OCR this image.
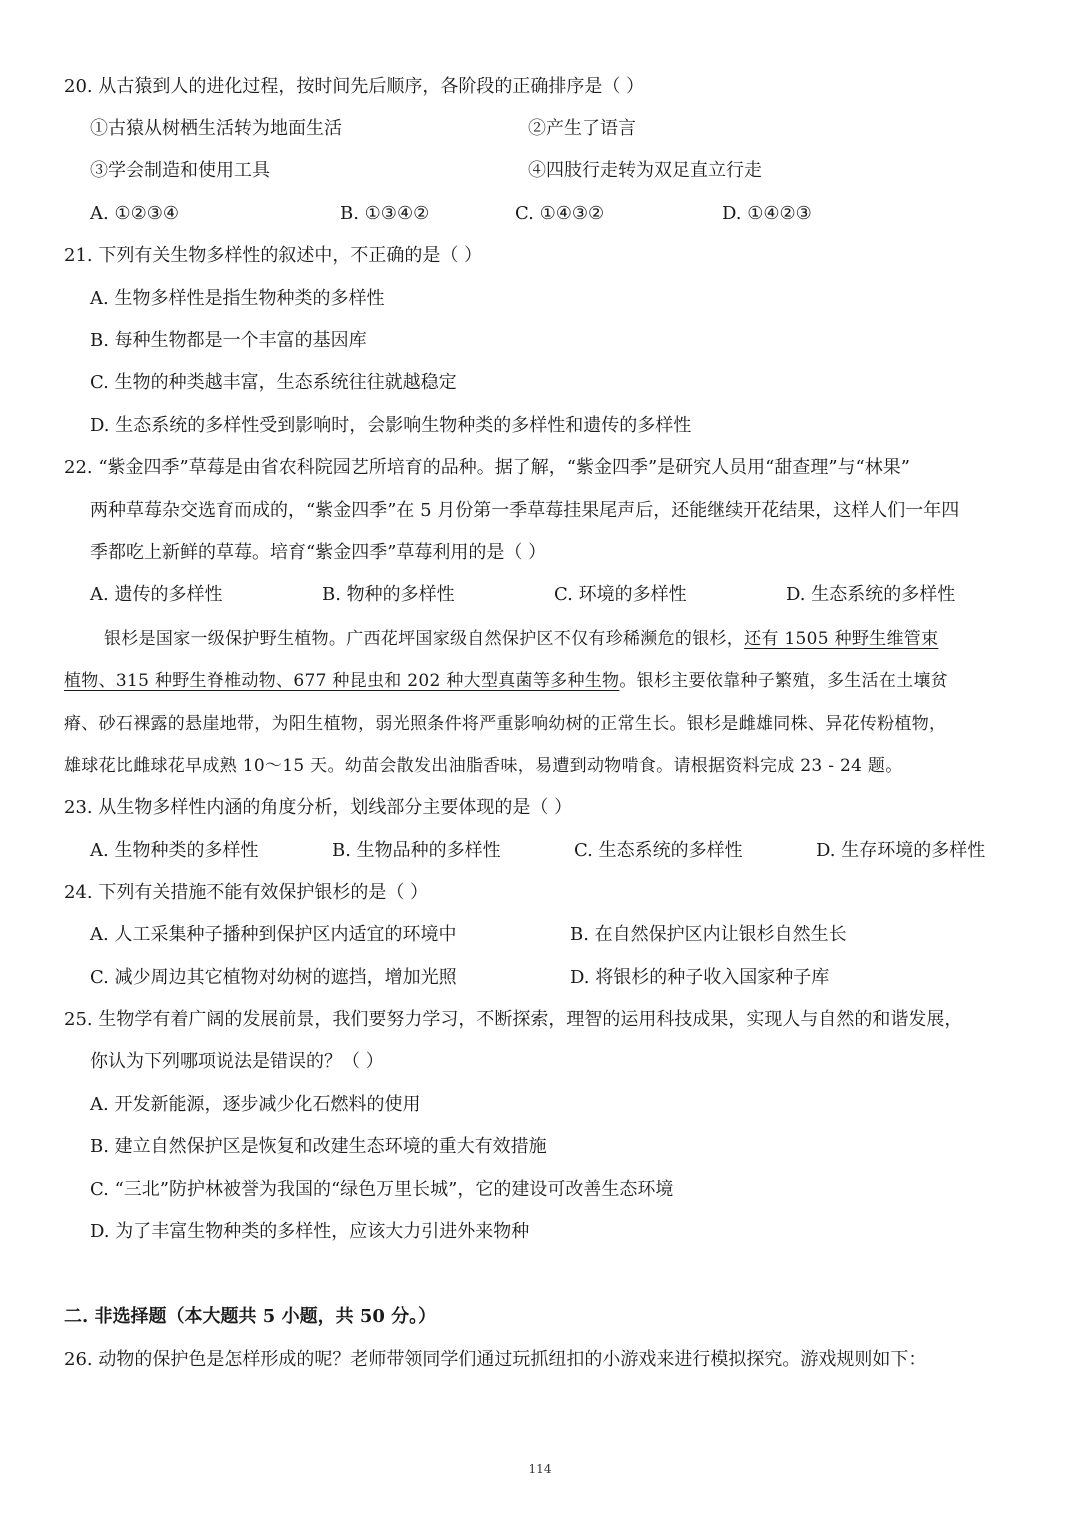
20. 从古猿到人的进化过程，按时间先后顺序，各阶段的正确排序是（ ）
①古猿从树栖生活转为地面生活	②产生了语言
③学会制造和使用工具	④四肢行走转为双足直立行走
A. ①②③④	B. ①③④②	C. ①④③②	D. ①④②③
21. 下列有关生物多样性的叙述中，不正确的是（ ）
A. 生物多样性是指生物种类的多样性
B. 每种生物都是一个丰富的基因库
C. 生物的种类越丰富，生态系统往往就越稳定
D. 生态系统的多样性受到影响时，会影响生物种类的多样性和遗传的多样性
22. “紫金四季”草莓是由省农科院园艺所培育的品种。据了解，“紫金四季”是研究人员用“甜查理”与“林果”
两种草莓杂交选育而成的，“紫金四季”在 5 月份第一季草莓挂果尾声后，还能继续开花结果，这样人们一年四
季都吃上新鲜的草莓。培育“紫金四季”草莓利用的是（ ）
A. 遗传的多样性	B. 物种的多样性	C. 环境的多样性	D. 生态系统的多样性
银杉是国家一级保护野生植物。广西花坪国家级自然保护区不仅有珍稀濒危的银杉，还有 1505 种野生维管束
植物、315 种野生脊椎动物、677 种昆虫和 202 种大型真菌等多种生物。银杉主要依靠种子繁殖，多生活在土壤贫
瘠、砂石裸露的悬崖地带，为阳生植物，弱光照条件将严重影响幼树的正常生长。银杉是雌雄同株、异花传粉植物，
雄球花比雌球花早成熟 10～15 天。幼苗会散发出油脂香味，易遭到动物啃食。请根据资料完成 23 - 24 题。
23. 从生物多样性内涵的角度分析，划线部分主要体现的是（ ）
A. 生物种类的多样性	B. 生物品种的多样性	C. 生态系统的多样性	D. 生存环境的多样性
24. 下列有关措施不能有效保护银杉的是（ ）
A. 人工采集种子播种到保护区内适宜的环境中	B. 在自然保护区内让银杉自然生长
C. 减少周边其它植物对幼树的遮挡，增加光照	D. 将银杉的种子收入国家种子库
25. 生物学有着广阔的发展前景，我们要努力学习，不断探索，理智的运用科技成果，实现人与自然的和谐发展，
你认为下列哪项说法是错误的？（ ）
A. 开发新能源，逐步减少化石燃料的使用
B. 建立自然保护区是恢复和改建生态环境的重大有效措施
C. “三北”防护林被誉为我国的“绿色万里长城”，它的建设可改善生态环境
D. 为了丰富生物种类的多样性，应该大力引进外来物种
二. 非选择题（本大题共 5 小题，共 50 分。）
26. 动物的保护色是怎样形成的呢？老师带领同学们通过玩抓纽扣的小游戏来进行模拟探究。游戏规则如下：
114
